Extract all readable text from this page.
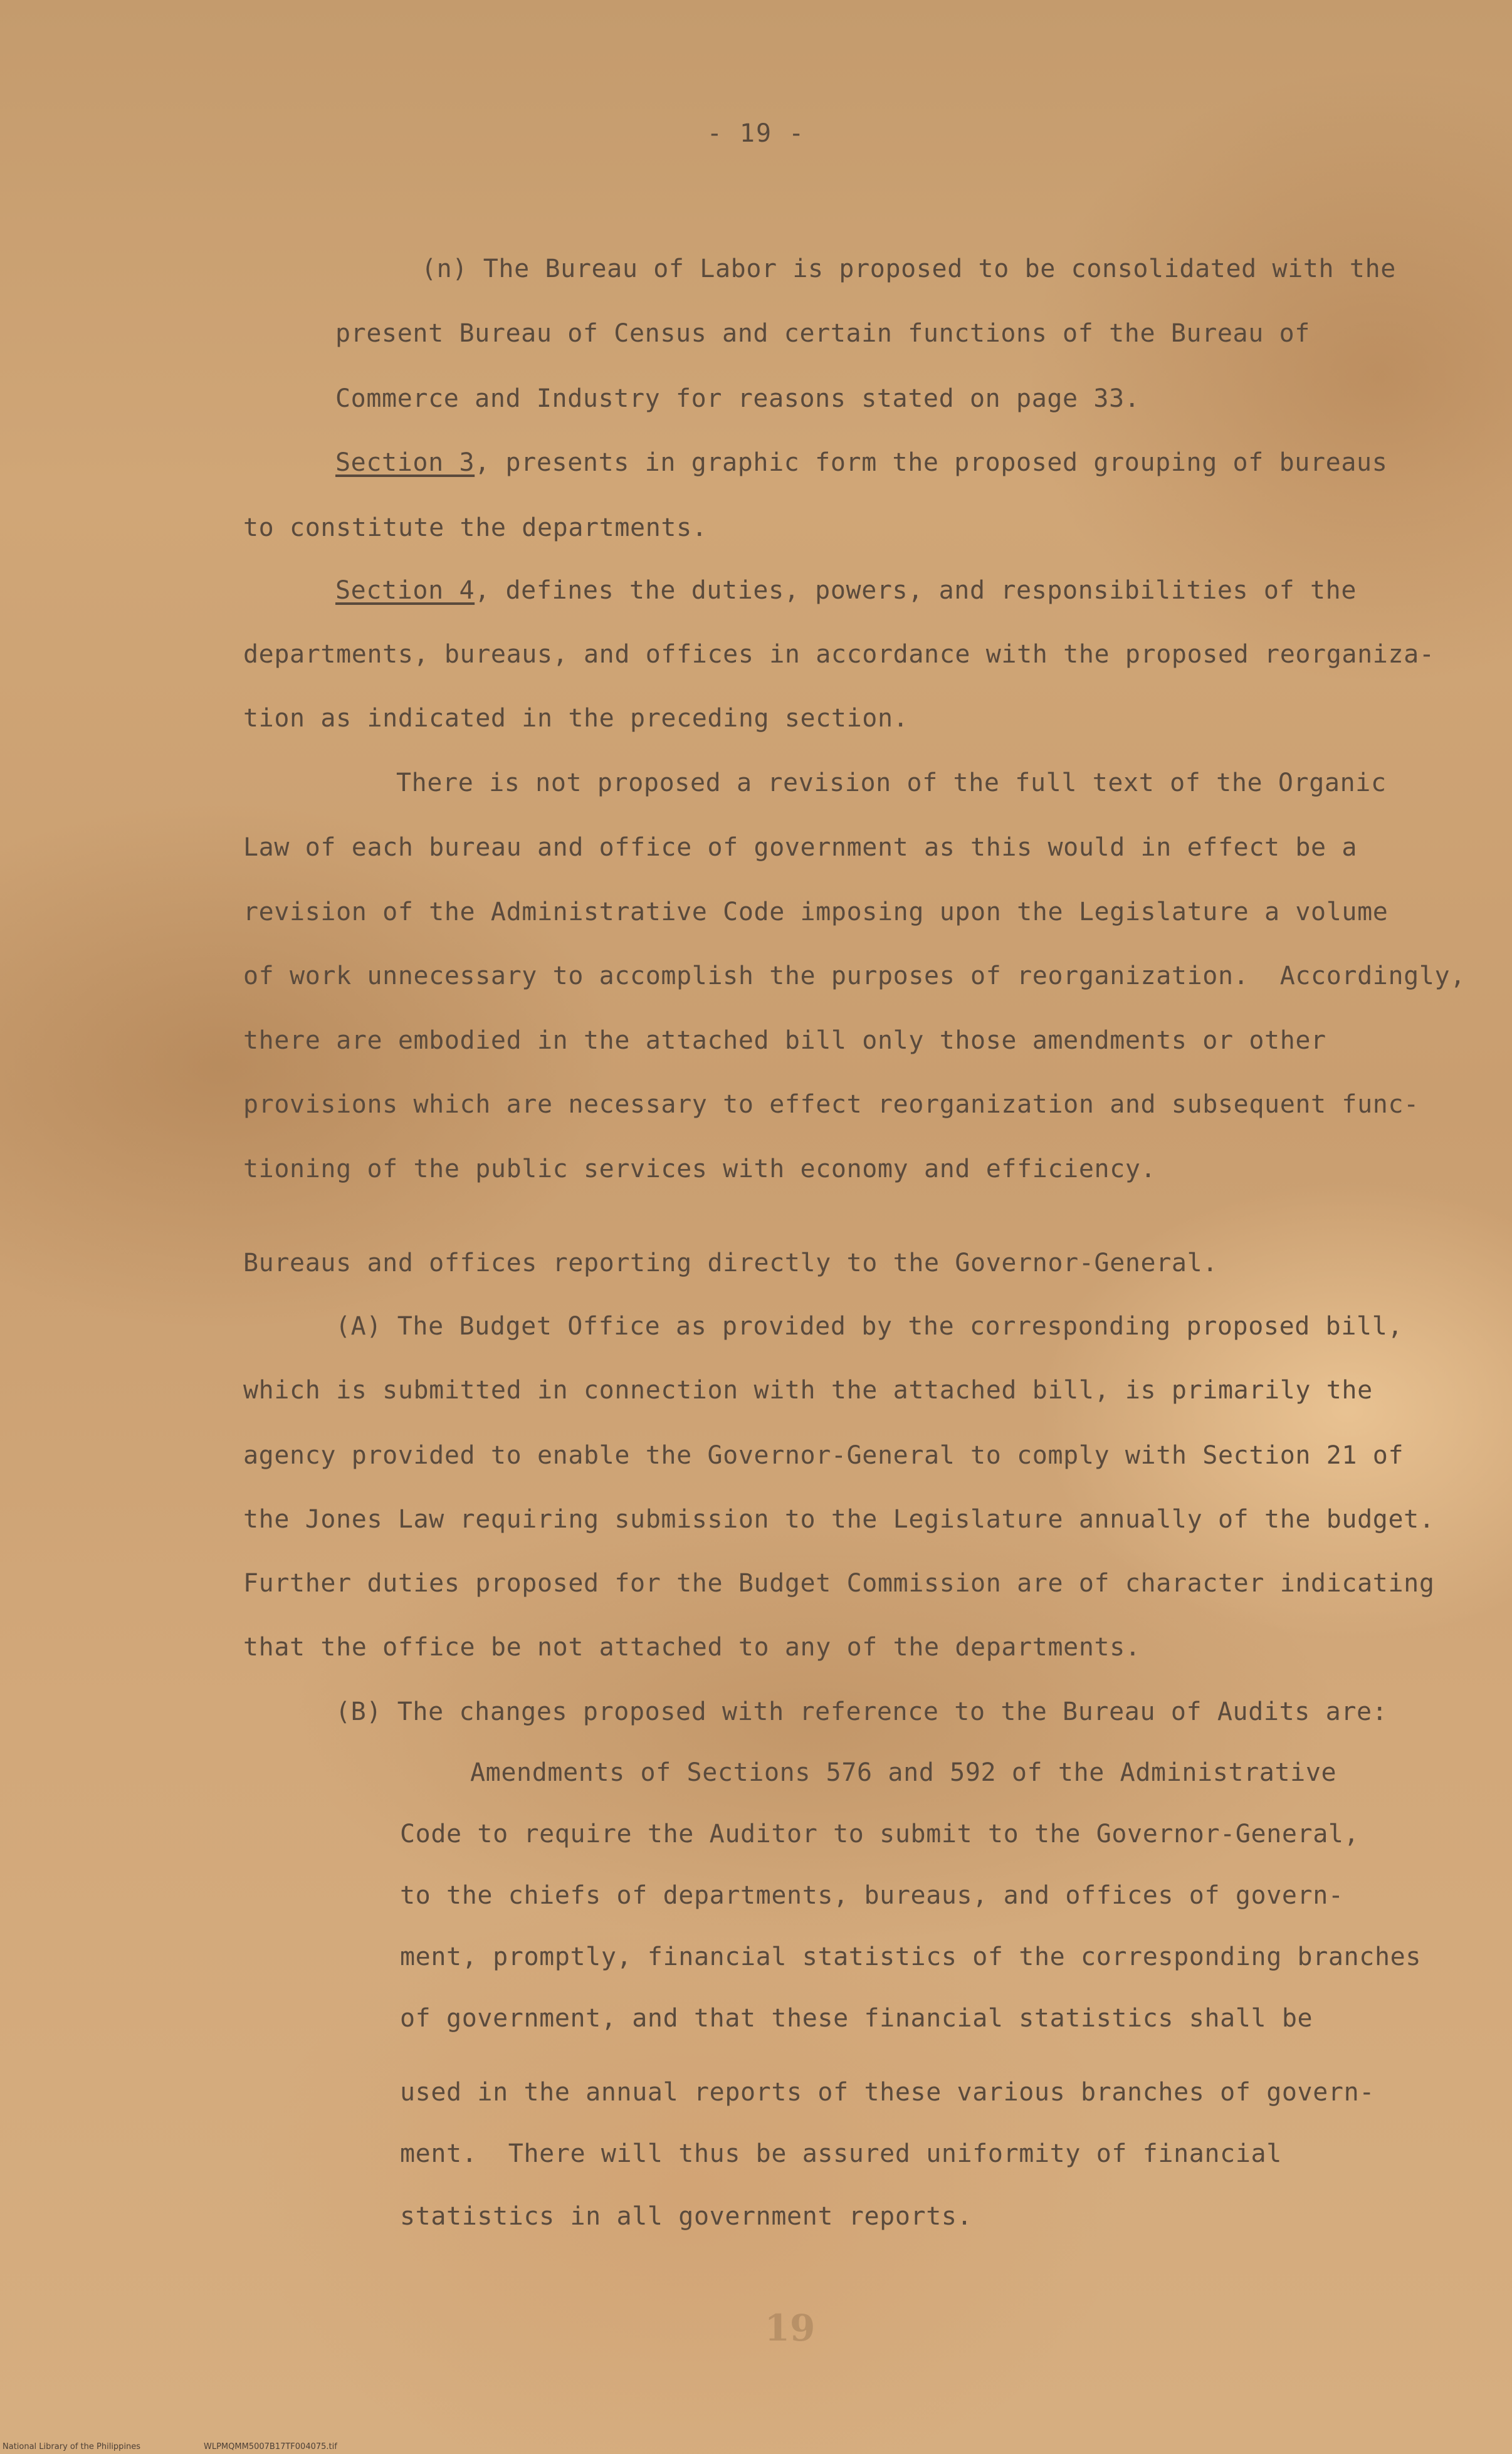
- 19 -
(n) The Bureau of Labor is proposed to be consolidated with the
present Bureau of Census and certain functions of the Bureau of
Commerce and Industry for reasons stated on page 33.
Section 3, presents in graphic form the proposed grouping of bureaus
to constitute the departments.
Section 4, defines the duties, powers, and responsibilities of the
departments, bureaus, and offices in accordance with the proposed reorganiza-
tion as indicated in the preceding section.
There is not proposed a revision of the full text of the Organic
Law of each bureau and office of government as this would in effect be a
revision of the Administrative Code imposing upon the Legislature a volume
of work unnecessary to accomplish the purposes of reorganization.  Accordingly,
there are embodied in the attached bill only those amendments or other
provisions which are necessary to effect reorganization and subsequent func-
tioning of the public services with economy and efficiency.
Bureaus and offices reporting directly to the Governor-General.
(A) The Budget Office as provided by the corresponding proposed bill,
which is submitted in connection with the attached bill, is primarily the
agency provided to enable the Governor-General to comply with Section 21 of
the Jones Law requiring submission to the Legislature annually of the budget.
Further duties proposed for the Budget Commission are of character indicating
that the office be not attached to any of the departments.
(B) The changes proposed with reference to the Bureau of Audits are:
Amendments of Sections 576 and 592 of the Administrative
Code to require the Auditor to submit to the Governor-General,
to the chiefs of departments, bureaus, and offices of govern-
ment, promptly, financial statistics of the corresponding branches
of government, and that these financial statistics shall be
used in the annual reports of these various branches of govern-
ment.  There will thus be assured uniformity of financial
statistics in all government reports.
19
National Library of the Philippines	WLPMQMM5007B17TF004075.tif
